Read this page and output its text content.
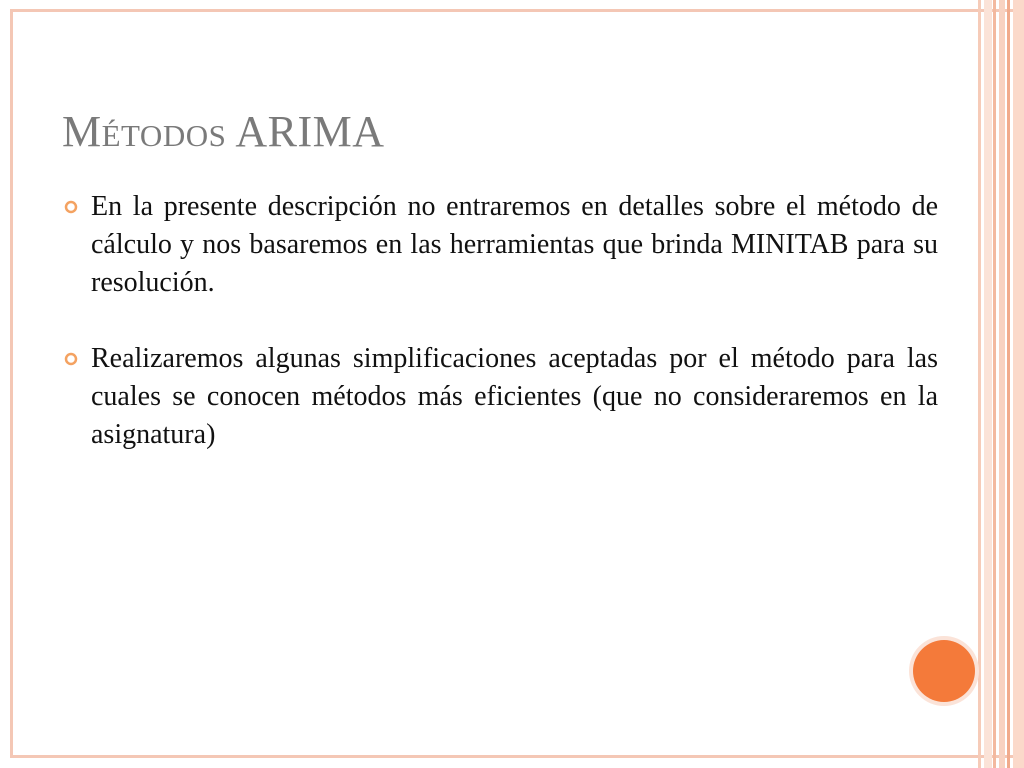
Métodos ARIMA
En la presente descripción no entraremos en detalles sobre el método de cálculo y nos basaremos en las herramientas que brinda MINITAB para su resolución.
Realizaremos algunas simplificaciones aceptadas por el método para las cuales se conocen métodos más eficientes (que no consideraremos en la asignatura)
